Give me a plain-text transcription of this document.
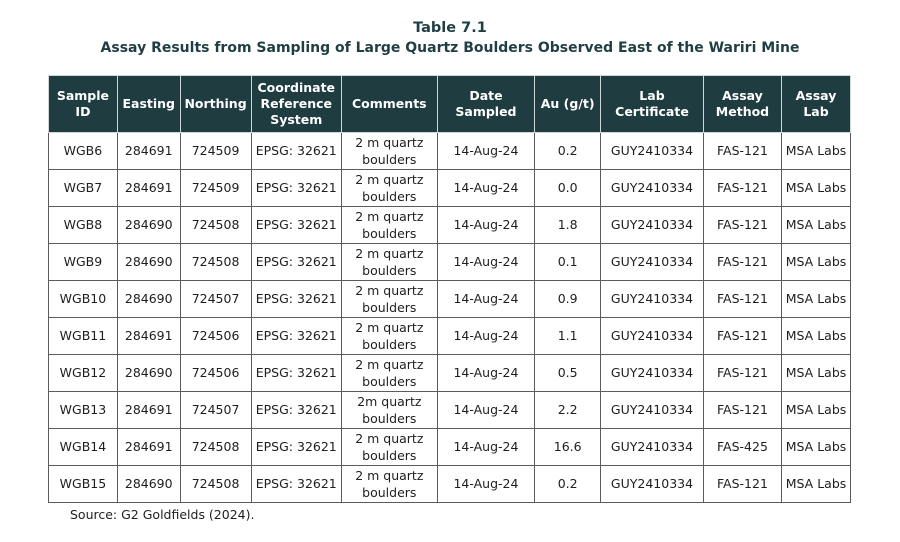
Table 7.1
Assay Results from Sampling of Large Quartz Boulders Observed East of the Wariri Mine
Sample ID	Easting	Northing	Coordinate Reference System	Comments	Date Sampled	Au (g/t)	Lab Certificate	Assay Method	Assay Lab
WGB6	284691	724509	EPSG: 32621	2 m quartz boulders	14-Aug-24	0.2	GUY2410334	FAS-121	MSA Labs
WGB7	284691	724509	EPSG: 32621	2 m quartz boulders	14-Aug-24	0.0	GUY2410334	FAS-121	MSA Labs
WGB8	284690	724508	EPSG: 32621	2 m quartz boulders	14-Aug-24	1.8	GUY2410334	FAS-121	MSA Labs
WGB9	284690	724508	EPSG: 32621	2 m quartz boulders	14-Aug-24	0.1	GUY2410334	FAS-121	MSA Labs
WGB10	284690	724507	EPSG: 32621	2 m quartz boulders	14-Aug-24	0.9	GUY2410334	FAS-121	MSA Labs
WGB11	284691	724506	EPSG: 32621	2 m quartz boulders	14-Aug-24	1.1	GUY2410334	FAS-121	MSA Labs
WGB12	284690	724506	EPSG: 32621	2 m quartz boulders	14-Aug-24	0.5	GUY2410334	FAS-121	MSA Labs
WGB13	284691	724507	EPSG: 32621	2m quartz boulders	14-Aug-24	2.2	GUY2410334	FAS-121	MSA Labs
WGB14	284691	724508	EPSG: 32621	2 m quartz boulders	14-Aug-24	16.6	GUY2410334	FAS-425	MSA Labs
WGB15	284690	724508	EPSG: 32621	2 m quartz boulders	14-Aug-24	0.2	GUY2410334	FAS-121	MSA Labs
Source: G2 Goldfields (2024).
